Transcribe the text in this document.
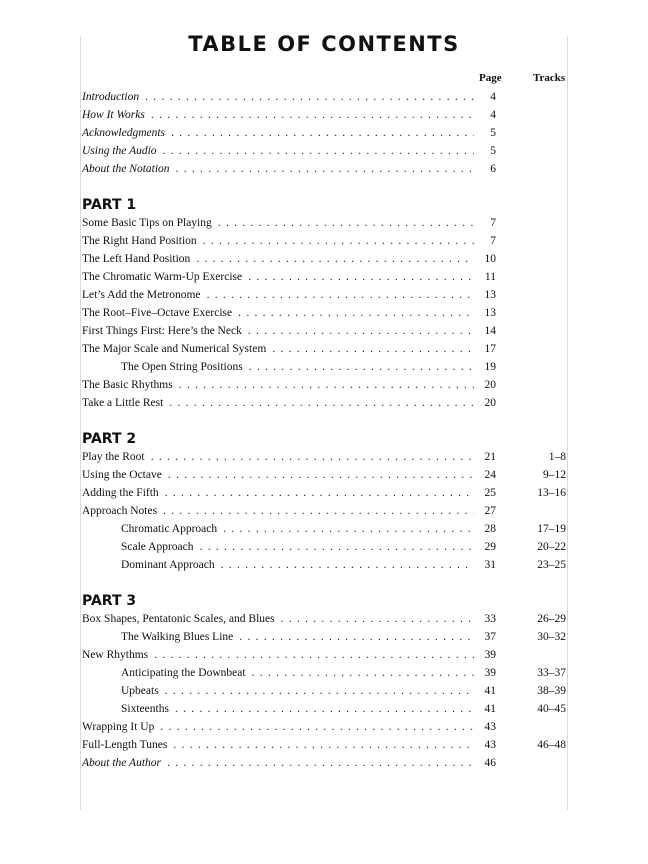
TABLE OF CONTENTS
Page	Tracks
Introduction . . .	4
How It Works . . .	4
Acknowledgments . . .	5
Using the Audio . . .	5
About the Notation . . .	6
PART 1
Some Basic Tips on Playing . . .	7
The Right Hand Position . . .	7
The Left Hand Position . . .	10
The Chromatic Warm-Up Exercise . . .	11
Let’s Add the Metronome . . .	13
The Root–Five–Octave Exercise . . .	13
First Things First: Here’s the Neck . . .	14
The Major Scale and Numerical System . . .	17
The Open String Positions . . .	19
The Basic Rhythms . . .	20
Take a Little Rest . . .	20
PART 2
Play the Root . . .	21	1–8
Using the Octave . . .	24	9–12
Adding the Fifth . . .	25	13–16
Approach Notes . . .	27
Chromatic Approach . . .	28	17–19
Scale Approach . . .	29	20–22
Dominant Approach . . .	31	23–25
PART 3
Box Shapes, Pentatonic Scales, and Blues . . .	33	26–29
The Walking Blues Line . . .	37	30–32
New Rhythms . . .	39
Anticipating the Downbeat . . .	39	33–37
Upbeats . . .	41	38–39
Sixteenths . . .	41	40–45
Wrapping It Up . . .	43
Full-Length Tunes . . .	43	46–48
About the Author . . .	46
